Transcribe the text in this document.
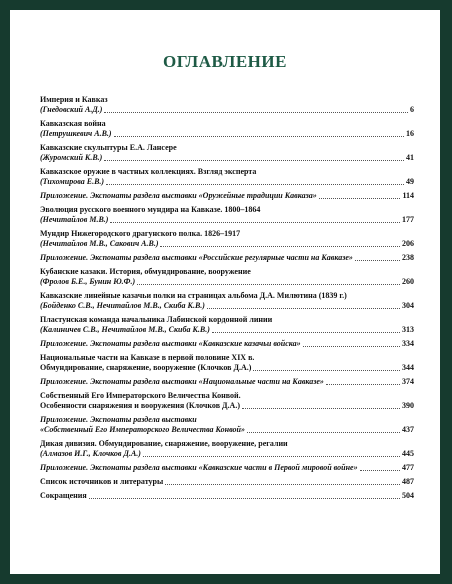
ОГЛАВЛЕНИЕ
Империя и Кавказ
(Гнедовский А.Д.)	6
Кавказская война
(Петрушкевич А.В.)	16
Кавказские скульптуры Е.А. Лансере
(Журомский К.В.)	41
Кавказское оружие в частных коллекциях. Взгляд эксперта
(Тихомирова Е.В.)	49
Приложение. Экспонаты раздела выставки «Оружейные традиции Кавказа»	114
Эволюция русского военного мундира на Кавказе. 1800–1864
(Нечитайлов М.В.)	177
Мундир Нижегородского драгунского полка. 1826–1917
(Нечитайлов М.В., Сакович А.В.)	206
Приложение. Экспонаты раздела выставки «Российские регулярные части на Кавказе»	238
Кубанские казаки. История, обмундирование, вооружение
(Фролов Б.Е., Бунин Ю.Ф.)	260
Кавказские линейные казачьи полки на страницах альбома Д.А. Милютина (1839 г.)
(Бойденко С.В., Нечитайлов М.В., Скиба К.В.)	304
Пластунская команда начальника Лабинской кордонной линии
(Калиничев С.В., Нечитайлов М.В., Скиба К.В.)	313
Приложение. Экспонаты раздела выставки «Кавказские казачьи войска»	334
Национальные части на Кавказе в первой половине XIX в.
Обмундирование, снаряжение, вооружение (Клочков Д.А.)	344
Приложение. Экспонаты раздела выставки «Национальные части на Кавказе»	374
Собственный Его Императорского Величества Конвой.
Особенности снаряжения и вооружения (Клочков Д.А.)	390
Приложение. Экспонаты раздела выставки
«Собственный Его Императорского Величества Конвой»	437
Дикая дивизия. Обмундирование, снаряжение, вооружение, регалии
(Алмазов И.Г., Клочков Д.А.)	445
Приложение. Экспонаты раздела выставки «Кавказские части в Первой мировой войне»	477
Список источников и литературы	487
Сокращения	504
